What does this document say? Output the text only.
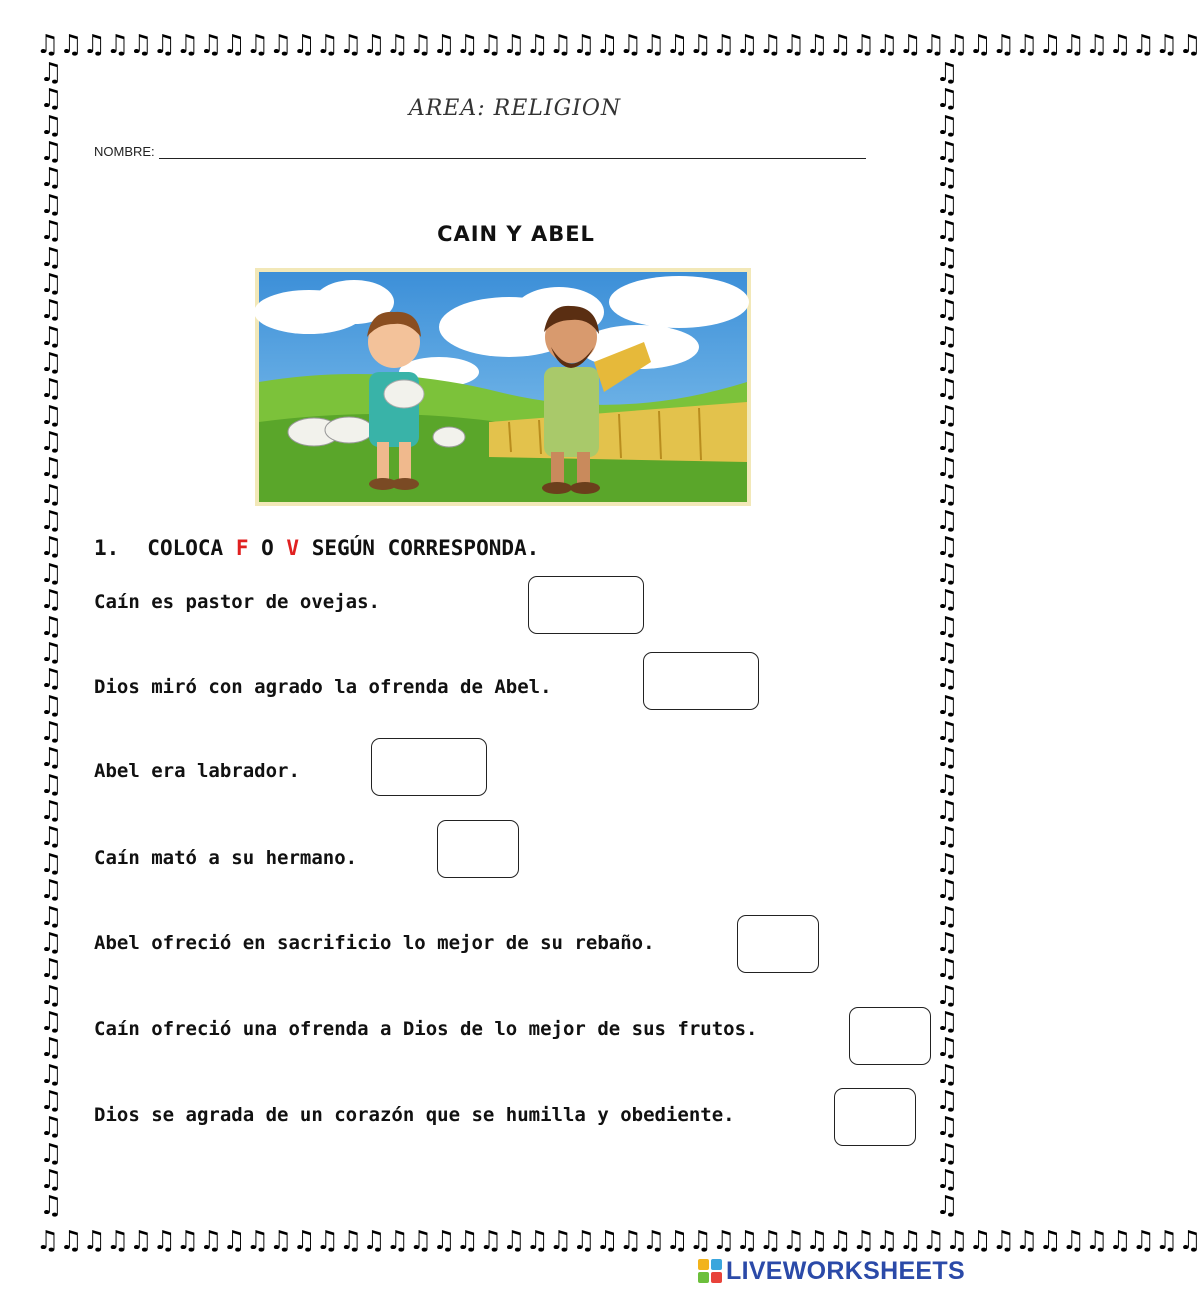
♫ ♫ ♫ ♫ ♫ ♫ ♫ ♫ ♫ ♫ ♫ ♫ ♫ ♫ ♫ ♫ ♫ ♫ ♫ ♫ ♫ ♫ ♫ ♫ ♫ ♫ ♫ ♫ ♫ ♫ ♫ ♫ ♫ ♫ ♫ ♫ ♫ ♫ ♫ ♫ ♫ ♫ ♫ ♫ ♫ ♫ ♫ ♫ ♫ ♫
♫ ♫ ♫ ♫ ♫ ♫ ♫ ♫ ♫ ♫ ♫ ♫ ♫ ♫ ♫ ♫ ♫ ♫ ♫ ♫ ♫ ♫ ♫ ♫ ♫ ♫ ♫ ♫ ♫ ♫ ♫ ♫ ♫ ♫ ♫ ♫ ♫ ♫ ♫ ♫ ♫ ♫ ♫ ♫ ♫ ♫ ♫ ♫ ♫ ♫
♫
♫
♫
♫
♫
♫
♫
♫
♫
♫
♫
♫
♫
♫
♫
♫
♫
♫
♫
♫
♫
♫
♫
♫
♫
♫
♫
♫
♫
♫
♫
♫
♫
♫
♫
♫
♫
♫
♫
♫
♫
♫
♫
♫
♫
♫
♫
♫
♫
♫
♫
♫
♫
♫
♫
♫
♫
♫
♫
♫
♫
♫
♫
♫
♫
♫
♫
♫
♫
♫
♫
♫
♫
♫
♫
♫
♫
♫
♫
♫
♫
♫
♫
♫
♫
♫
♫
♫
AREA: RELIGION
NOMBRE:
CAIN Y ABEL
1. COLOCA F O V SEGÚN CORRESPONDA.
Caín es pastor de ovejas.
Dios miró con agrado la ofrenda de Abel.
Abel era labrador.
Caín mató a su hermano.
Abel ofreció en sacrificio lo mejor de su rebaño.
Caín ofreció una ofrenda a Dios de lo mejor de sus frutos.
Dios se agrada de un corazón que se humilla y obediente.
LIVEWORKSHEETS
